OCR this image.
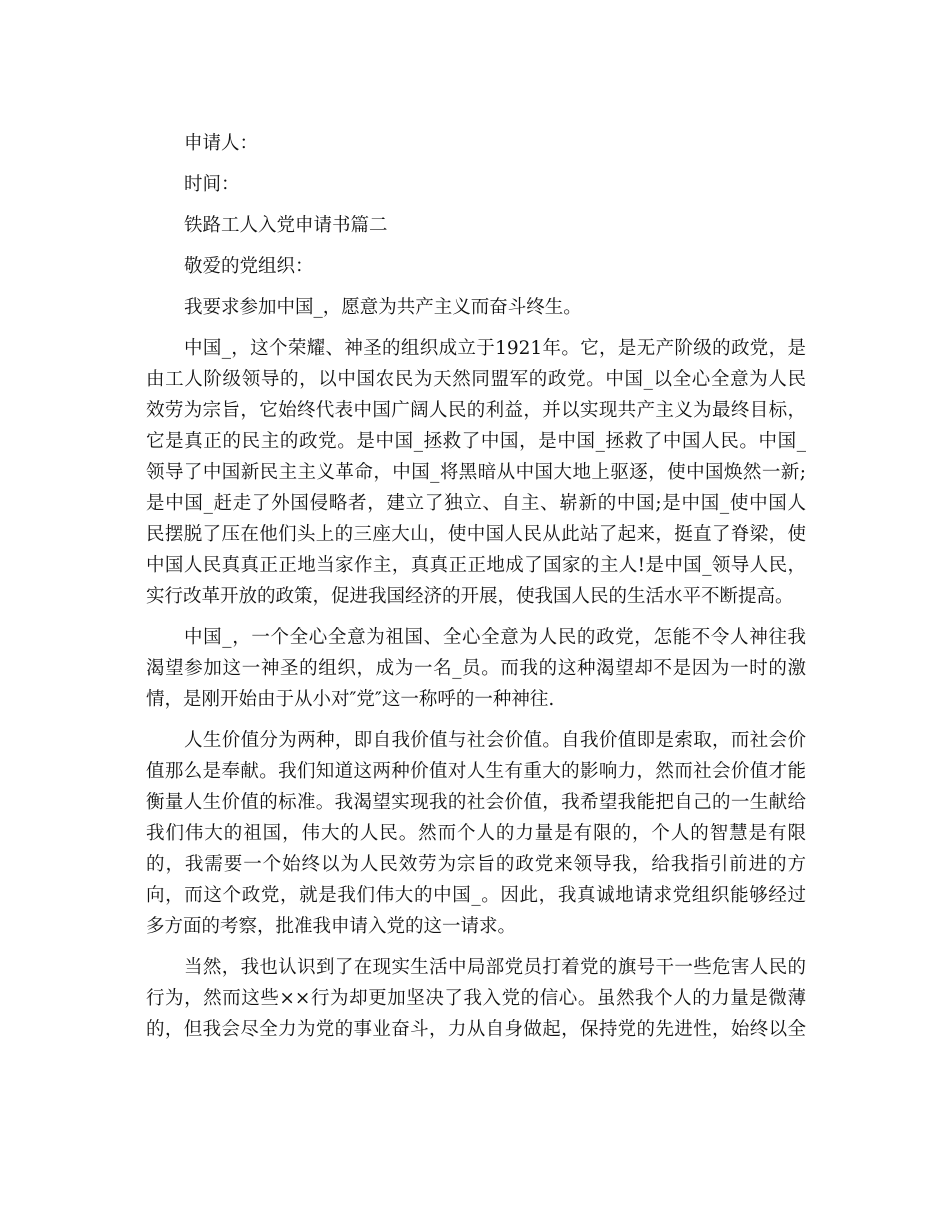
申请人：
时间：
铁路工人入党申请书篇二
敬爱的党组织：
我要求参加中国_，愿意为共产主义而奋斗终生。
中国_，这个荣耀、神圣的组织成立于1921年。它，是无产阶级的政党，是
由工人阶级领导的，以中国农民为天然同盟军的政党。中国_以全心全意为人民
效劳为宗旨，它始终代表中国广阔人民的利益，并以实现共产主义为最终目标，
它是真正的民主的政党。是中国_拯救了中国，是中国_拯救了中国人民。中国_
领导了中国新民主主义革命，中国_将黑暗从中国大地上驱逐，使中国焕然一新;
是中国_赶走了外国侵略者，建立了独立、自主、崭新的中国;是中国_使中国人
民摆脱了压在他们头上的三座大山，使中国人民从此站了起来，挺直了脊梁，使
中国人民真真正正地当家作主，真真正正地成了国家的主人!是中国_领导人民，
实行改革开放的政策，促进我国经济的开展，使我国人民的生活水平不断提高。
中国_，一个全心全意为祖国、全心全意为人民的政党，怎能不令人神往我
渴望参加这一神圣的组织，成为一名_员。而我的这种渴望却不是因为一时的激
情，是刚开始由于从小对″党″这一称呼的一种神往.
人生价值分为两种，即自我价值与社会价值。自我价值即是索取，而社会价
值那么是奉献。我们知道这两种价值对人生有重大的影响力，然而社会价值才能
衡量人生价值的标准。我渴望实现我的社会价值，我希望我能把自己的一生献给
我们伟大的祖国，伟大的人民。然而个人的力量是有限的，个人的智慧是有限
的，我需要一个始终以为人民效劳为宗旨的政党来领导我，给我指引前进的方
向，而这个政党，就是我们伟大的中国_。因此，我真诚地请求党组织能够经过
多方面的考察，批准我申请入党的这一请求。
当然，我也认识到了在现实生活中局部党员打着党的旗号干一些危害人民的
行为，然而这些××行为却更加坚决了我入党的信心。虽然我个人的力量是微薄
的，但我会尽全力为党的事业奋斗，力从自身做起，保持党的先进性，始终以全
